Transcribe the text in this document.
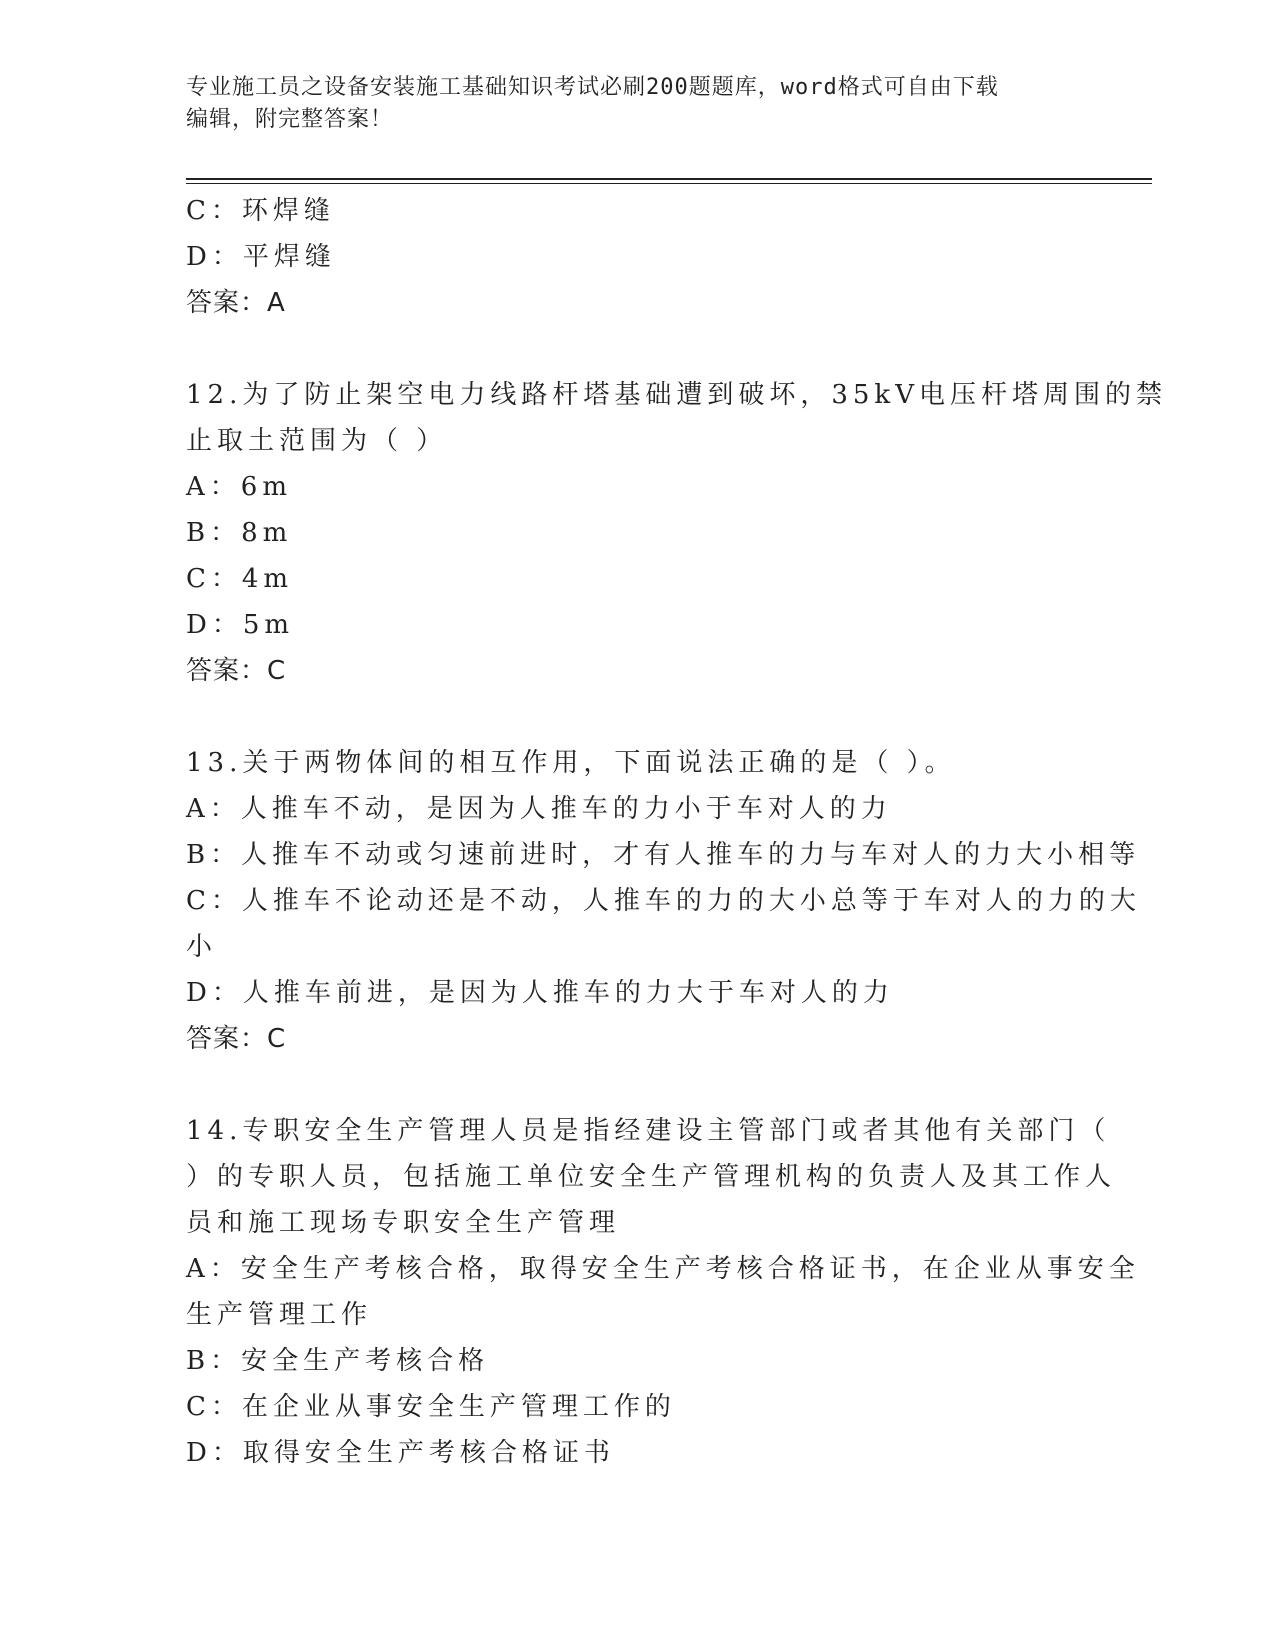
专业施工员之设备安装施工基础知识考试必刷200题题库，word格式可自由下载
编辑，附完整答案！
C：环焊缝
D：平焊缝
答案：A
12.为了防止架空电力线路杆塔基础遭到破坏，35kV电压杆塔周围的禁
止取土范围为（ ）
A：6m
B：8m
C：4m
D：5m
答案：C
13.关于两物体间的相互作用，下面说法正确的是（ ）。
A：人推车不动，是因为人推车的力小于车对人的力
B：人推车不动或匀速前进时，才有人推车的力与车对人的力大小相等
C：人推车不论动还是不动，人推车的力的大小总等于车对人的力的大
小
D：人推车前进，是因为人推车的力大于车对人的力
答案：C
14.专职安全生产管理人员是指经建设主管部门或者其他有关部门（
）的专职人员，包括施工单位安全生产管理机构的负责人及其工作人
员和施工现场专职安全生产管理
A：安全生产考核合格，取得安全生产考核合格证书，在企业从事安全
生产管理工作
B：安全生产考核合格
C：在企业从事安全生产管理工作的
D：取得安全生产考核合格证书
